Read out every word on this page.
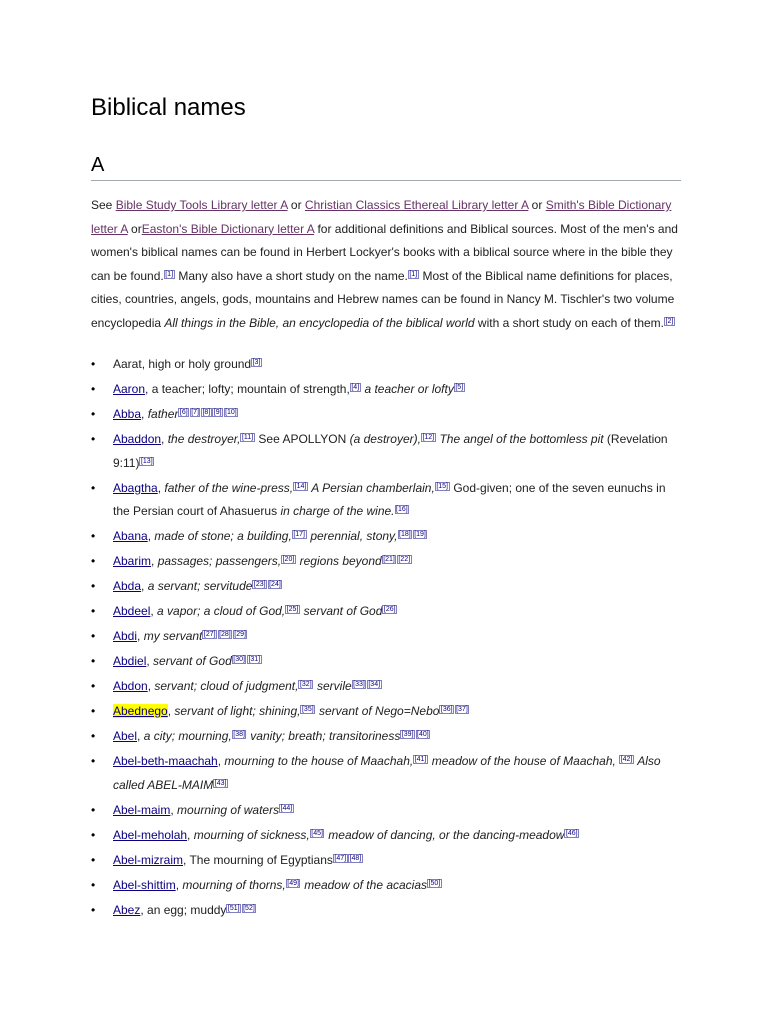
Biblical names
A

See Bible Study Tools Library letter A or Christian Classics Ethereal Library letter A or Smith's Bible Dictionary letter A orEaston's Bible Dictionary letter A for additional definitions and Biblical sources. Most of the men's and women's biblical names can be found in Herbert Lockyer's books with a biblical source where in the bible they can be found. [1] Many also have a short study on the name. [1] Most of the Biblical name definitions for places, cities, countries, angels, gods, mountains and Hebrew names can be found in Nancy M. Tischler's two volume encyclopedia All things in the Bible, an encyclopedia of the biblical world with a short study on each of them. [2]

• Aarat, high or holy ground [3]
• Aaron, a teacher; lofty; mountain of strength, [4] a teacher or lofty [5]
• Abba, father [6] [7] [8] [9] [10]
• Abaddon, the destroyer, [11] See APOLLYON (a destroyer), [12] The angel of the bottomless pit (Revelation 9:11) [13]
• Abagtha, father of the wine-press, [14] A Persian chamberlain, [15] God-given; one of the seven eunuchs in the Persian court of Ahasuerus in charge of the wine. [16]
• Abana, made of stone; a building, [17] perennial, stony, [18] [19]
• Abarim, passages; passengers, [20] regions beyond [21] [22]
• Abda, a servant; servitude [23] [24]
• Abdeel, a vapor; a cloud of God, [25] servant of God [26]
• Abdi, my servant [27] [28] [29]
• Abdiel, servant of God [30] [31]
• Abdon, servant; cloud of judgment, [32] servile [33] [34]
• Abednego, servant of light; shining, [35] servant of Nego=Nebo [36] [37]
• Abel, a city; mourning, [38] vanity; breath; transitoriness [39] [40]
• Abel-beth-maachah, mourning to the house of Maachah, [41] meadow of the house of Maachah, [42] Also called ABEL-MAIM [43]
• Abel-maim, mourning of waters [44]
• Abel-meholah, mourning of sickness, [45] meadow of dancing, or the dancing-meadow [46]
• Abel-mizraim, The mourning of Egyptians [47] [48]
• Abel-shittim, mourning of thorns, [49] meadow of the acacias [50]
• Abez, an egg; muddy [51] [52]
